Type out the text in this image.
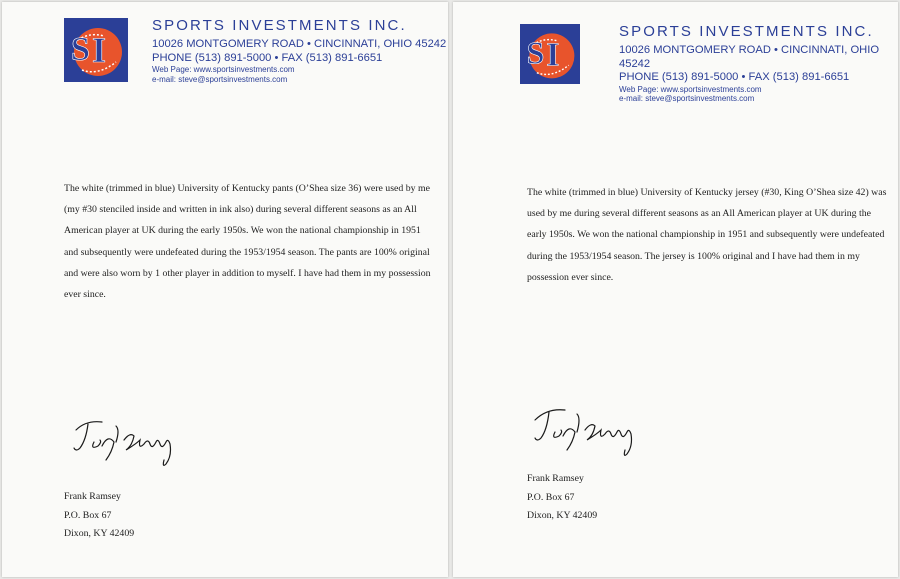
S I
SPORTS INVESTMENTS INC.
10026 MONTGOMERY ROAD • CINCINNATI, OHIO 45242
PHONE (513) 891-5000 • FAX (513) 891-6651
Web Page: www.sportsinvestments.com
e-mail: steve@sportsinvestments.com
The white (trimmed in blue) University of Kentucky pants (O’Shea size 36) were used by me (my #30 stenciled inside and written in ink also) during several different seasons as an All American player at UK during the early 1950s. We won the national championship in 1951 and subsequently were undefeated during the 1953/1954 season. The pants are 100% original and were also worn by 1 other player in addition to myself. I have had them in my possession ever since.
Frank Ramsey
P.O. Box 67
Dixon, KY 42409
S I
SPORTS INVESTMENTS INC.
10026 MONTGOMERY ROAD • CINCINNATI, OHIO 45242
PHONE (513) 891-5000 • FAX (513) 891-6651
Web Page: www.sportsinvestments.com
e-mail: steve@sportsinvestments.com
The white (trimmed in blue) University of Kentucky jersey (#30, King O’Shea size 42) was used by me during several different seasons as an All American player at UK during the early 1950s. We won the national championship in 1951 and subsequently were undefeated during the 1953/1954 season. The jersey is 100% original and I have had them in my possession ever since.
Frank Ramsey
P.O. Box 67
Dixon, KY 42409
